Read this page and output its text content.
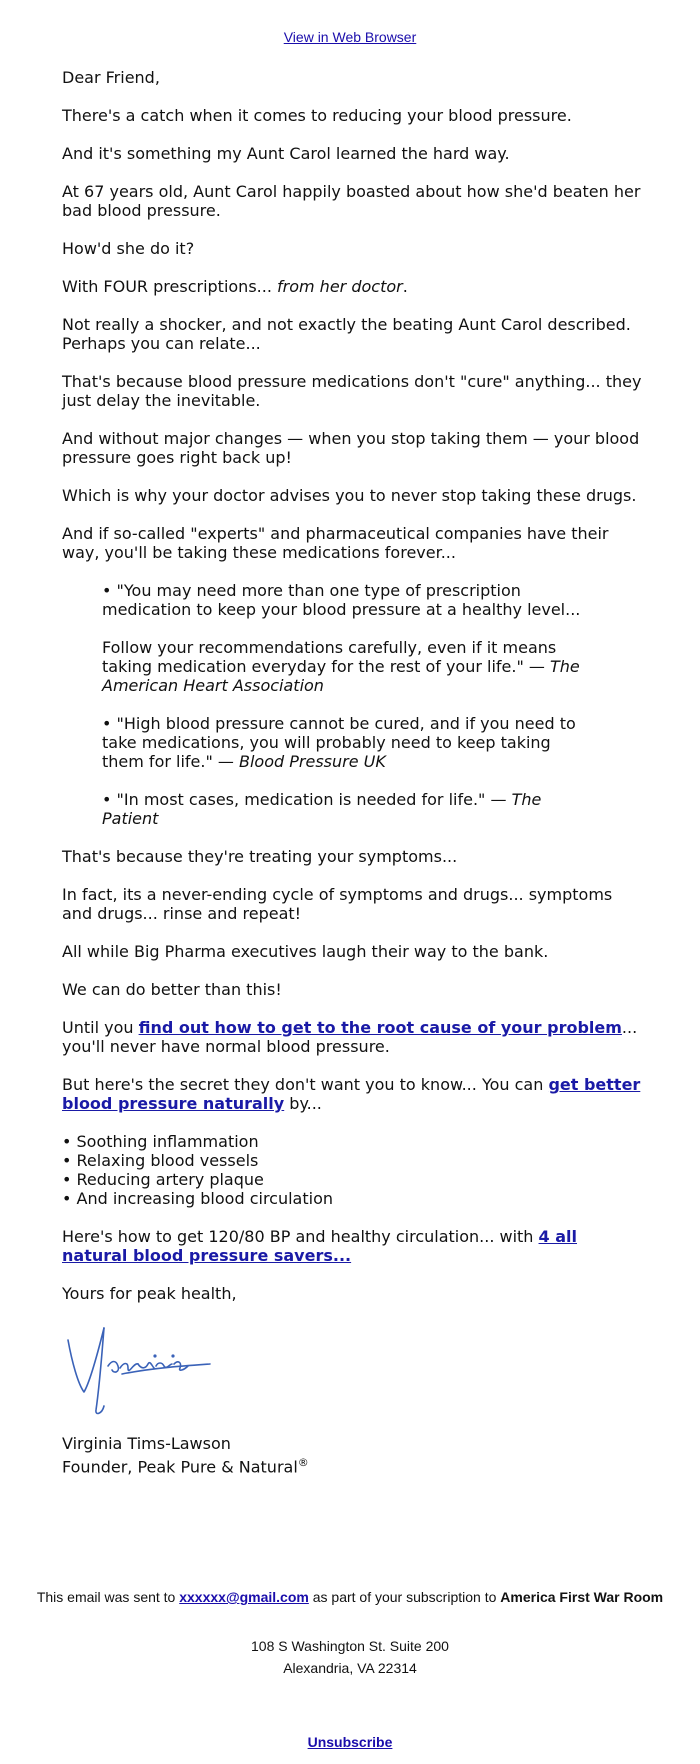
View in Web Browser

Dear Friend,

There's a catch when it comes to reducing your blood pressure.

And it's something my Aunt Carol learned the hard way.

At 67 years old, Aunt Carol happily boasted about how she'd beaten her bad blood pressure.

How'd she do it?

With FOUR prescriptions... from her doctor.

Not really a shocker, and not exactly the beating Aunt Carol described. Perhaps you can relate...

That's because blood pressure medications don't "cure" anything... they just delay the inevitable.

And without major changes — when you stop taking them — your blood pressure goes right back up!

Which is why your doctor advises you to never stop taking these drugs.

And if so-called "experts" and pharmaceutical companies have their way, you'll be taking these medications forever...

• "You may need more than one type of prescription medication to keep your blood pressure at a healthy level...

Follow your recommendations carefully, even if it means taking medication everyday for the rest of your life." — The American Heart Association

• "High blood pressure cannot be cured, and if you need to take medications, you will probably need to keep taking them for life." — Blood Pressure UK

• "In most cases, medication is needed for life." — The Patient

That's because they're treating your symptoms...

In fact, its a never-ending cycle of symptoms and drugs... symptoms and drugs... rinse and repeat!

All while Big Pharma executives laugh their way to the bank.

We can do better than this!

Until you find out how to get to the root cause of your problem... you'll never have normal blood pressure.

But here's the secret they don't want you to know... You can get better blood pressure naturally by...

• Soothing inflammation
• Relaxing blood vessels
• Reducing artery plaque
• And increasing blood circulation

Here's how to get 120/80 BP and healthy circulation... with 4 all natural blood pressure savers...

Yours for peak health,

Virginia Tims-Lawson
Founder, Peak Pure & Natural®
This email was sent to xxxxxx@gmail.com as part of your subscription to America First War Room
108 S Washington St. Suite 200
Alexandria, VA 22314
Unsubscribe
